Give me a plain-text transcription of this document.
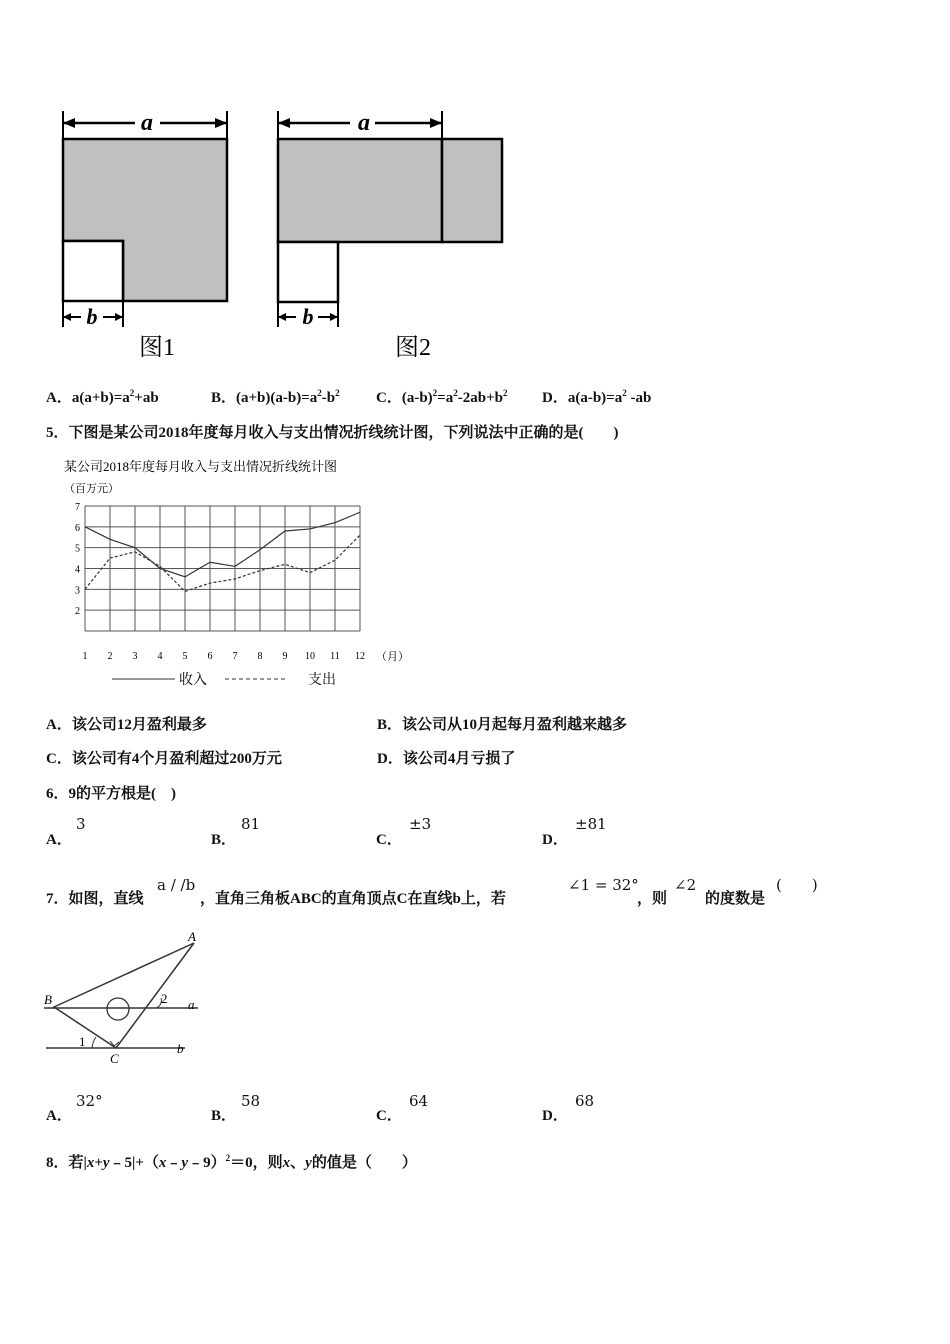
a
b
图1
a
b
图2
A．$a(a+b)=a^2+ab$	B．$(a+b)(a-b)=a^2-b^2$ C．$(a-b)^2=a^2-2ab+b^2$ D．$a(a-b)=a^2$ -ab
5．下图是某公司2018年度每月收入与支出情况折线统计图，下列说法中正确的是(　　)
某公司2018年度每月收入与支出情况折线统计图
（百万元）
2
3
4
5
6
7
1 2 3 4 5 6 7 8 9 10 11 12 （月）
收入	支出
A．该公司12月盈利最多	B．该公司从10月起每月盈利越来越多
C．该公司有4个月盈利超过200万元	D．该公司4月亏损了
6．9的平方根是(　)
A．
3
B．
81
C．
±3
D．
±81
7．如图，直线
a / /b
，直角三角板ABC的直角顶点C在直线b上，若
∠1 = 32°
，则
∠2
的度数是
(　　)
A
B
C
a
b
1
2
A．
32°
B．
58
C．
64
D．
68
8．若|x+y﹣5|+（x﹣y﹣9）$^2$＝0，则x、y的值是（　　）
